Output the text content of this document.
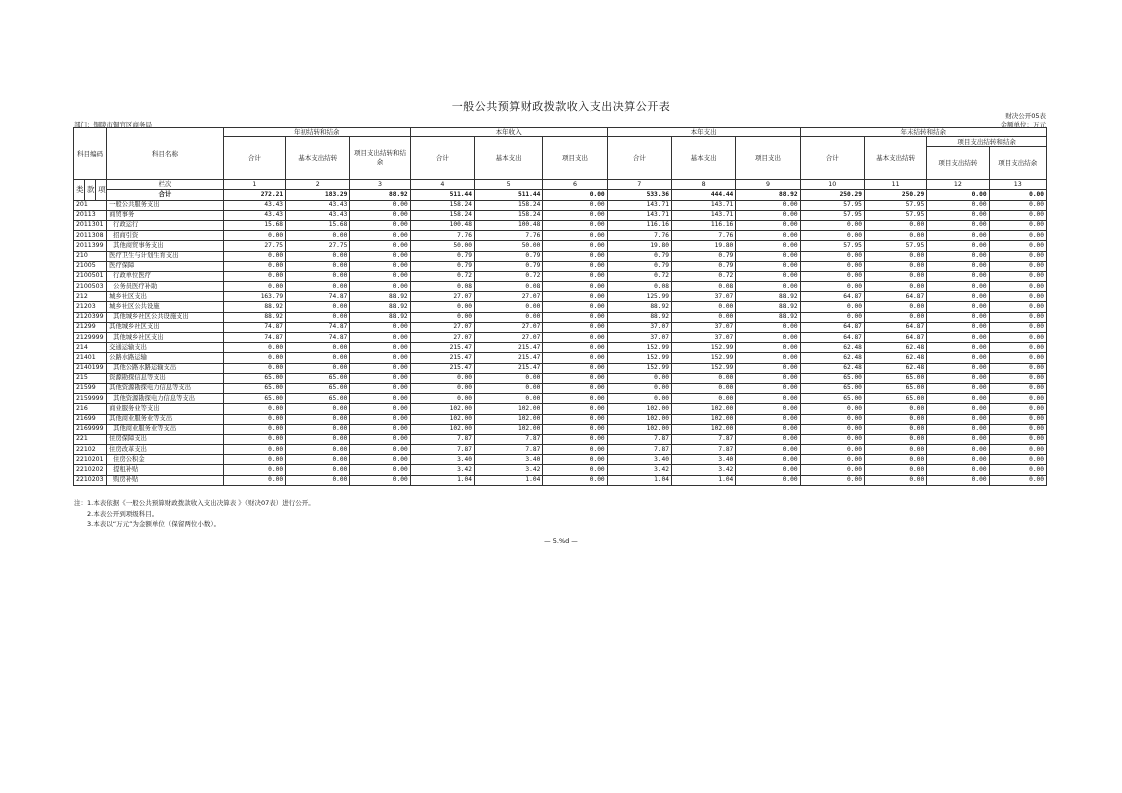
一般公共预算财政拨款收入支出决算公开表
财决公开05表
部门：铜陵市铜官区商务局	金额单位：万元
科目编码			科目名称	年初结转和结余			本年收入			本年支出			年末结转和结余			
				合计	基本支出结转	项目支出结转和结余	合计	基本支出	项目支出	合计	基本支出	项目支出	合计	基本支出结转	项目支出结转和结余	
															项目支出结转	项目支出结余
类	款	项	栏次	1	2	3	4	5	6	7	8	9	10	11	12	13
			合计	272.21	183.29	88.92	511.44	511.44	0.00	533.36	444.44	88.92	250.29	250.29	0.00	0.00
201			一般公共服务支出	43.43	43.43	0.00	158.24	158.24	0.00	143.71	143.71	0.00	57.95	57.95	0.00	0.00
20113			商贸事务	43.43	43.43	0.00	158.24	158.24	0.00	143.71	143.71	0.00	57.95	57.95	0.00	0.00
2011301			行政运行	15.68	15.68	0.00	100.48	100.48	0.00	116.16	116.16	0.00	0.00	0.00	0.00	0.00
2011308			招商引资	0.00	0.00	0.00	7.76	7.76	0.00	7.76	7.76	0.00	0.00	0.00	0.00	0.00
2011399			其他商贸事务支出	27.75	27.75	0.00	50.00	50.00	0.00	19.80	19.80	0.00	57.95	57.95	0.00	0.00
210			医疗卫生与计划生育支出	0.00	0.00	0.00	0.79	0.79	0.00	0.79	0.79	0.00	0.00	0.00	0.00	0.00
21005			医疗保障	0.00	0.00	0.00	0.79	0.79	0.00	0.79	0.79	0.00	0.00	0.00	0.00	0.00
2100501			行政单位医疗	0.00	0.00	0.00	0.72	0.72	0.00	0.72	0.72	0.00	0.00	0.00	0.00	0.00
2100503			公务员医疗补助	0.00	0.00	0.00	0.08	0.08	0.00	0.08	0.08	0.00	0.00	0.00	0.00	0.00
212			城乡社区支出	163.79	74.87	88.92	27.07	27.07	0.00	125.99	37.07	88.92	64.87	64.87	0.00	0.00
21203			城乡社区公共设施	88.92	0.00	88.92	0.00	0.00	0.00	88.92	0.00	88.92	0.00	0.00	0.00	0.00
2120399			其他城乡社区公共设施支出	88.92	0.00	88.92	0.00	0.00	0.00	88.92	0.00	88.92	0.00	0.00	0.00	0.00
21299			其他城乡社区支出	74.87	74.87	0.00	27.07	27.07	0.00	37.07	37.07	0.00	64.87	64.87	0.00	0.00
2129999			其他城乡社区支出	74.87	74.87	0.00	27.07	27.07	0.00	37.07	37.07	0.00	64.87	64.87	0.00	0.00
214			交通运输支出	0.00	0.00	0.00	215.47	215.47	0.00	152.99	152.99	0.00	62.48	62.48	0.00	0.00
21401			公路水路运输	0.00	0.00	0.00	215.47	215.47	0.00	152.99	152.99	0.00	62.48	62.48	0.00	0.00
2140199			其他公路水路运输支出	0.00	0.00	0.00	215.47	215.47	0.00	152.99	152.99	0.00	62.48	62.48	0.00	0.00
215			资源勘探信息等支出	65.00	65.00	0.00	0.00	0.00	0.00	0.00	0.00	0.00	65.00	65.00	0.00	0.00
21599			其他资源勘探电力信息等支出	65.00	65.00	0.00	0.00	0.00	0.00	0.00	0.00	0.00	65.00	65.00	0.00	0.00
2159999			其他资源勘探电力信息等支出	65.00	65.00	0.00	0.00	0.00	0.00	0.00	0.00	0.00	65.00	65.00	0.00	0.00
216			商业服务业等支出	0.00	0.00	0.00	102.00	102.00	0.00	102.00	102.00	0.00	0.00	0.00	0.00	0.00
21699			其他商业服务业等支出	0.00	0.00	0.00	102.00	102.00	0.00	102.00	102.00	0.00	0.00	0.00	0.00	0.00
2169999			其他商业服务业等支出	0.00	0.00	0.00	102.00	102.00	0.00	102.00	102.00	0.00	0.00	0.00	0.00	0.00
221			住房保障支出	0.00	0.00	0.00	7.87	7.87	0.00	7.87	7.87	0.00	0.00	0.00	0.00	0.00
22102			住房改革支出	0.00	0.00	0.00	7.87	7.87	0.00	7.87	7.87	0.00	0.00	0.00	0.00	0.00
2210201			住房公积金	0.00	0.00	0.00	3.40	3.40	0.00	3.40	3.40	0.00	0.00	0.00	0.00	0.00
2210202			提租补贴	0.00	0.00	0.00	3.42	3.42	0.00	3.42	3.42	0.00	0.00	0.00	0.00	0.00
2210203			购房补贴	0.00	0.00	0.00	1.04	1.04	0.00	1.04	1.04	0.00	0.00	0.00	0.00	0.00
注：1.本表依据《一般公共预算财政拨款收入支出决算表 》（财决07表）进行公开。
　　2.本表公开到项级科目。
　　3.本表以“万元”为金额单位（保留两位小数）。
— 5.%d —
